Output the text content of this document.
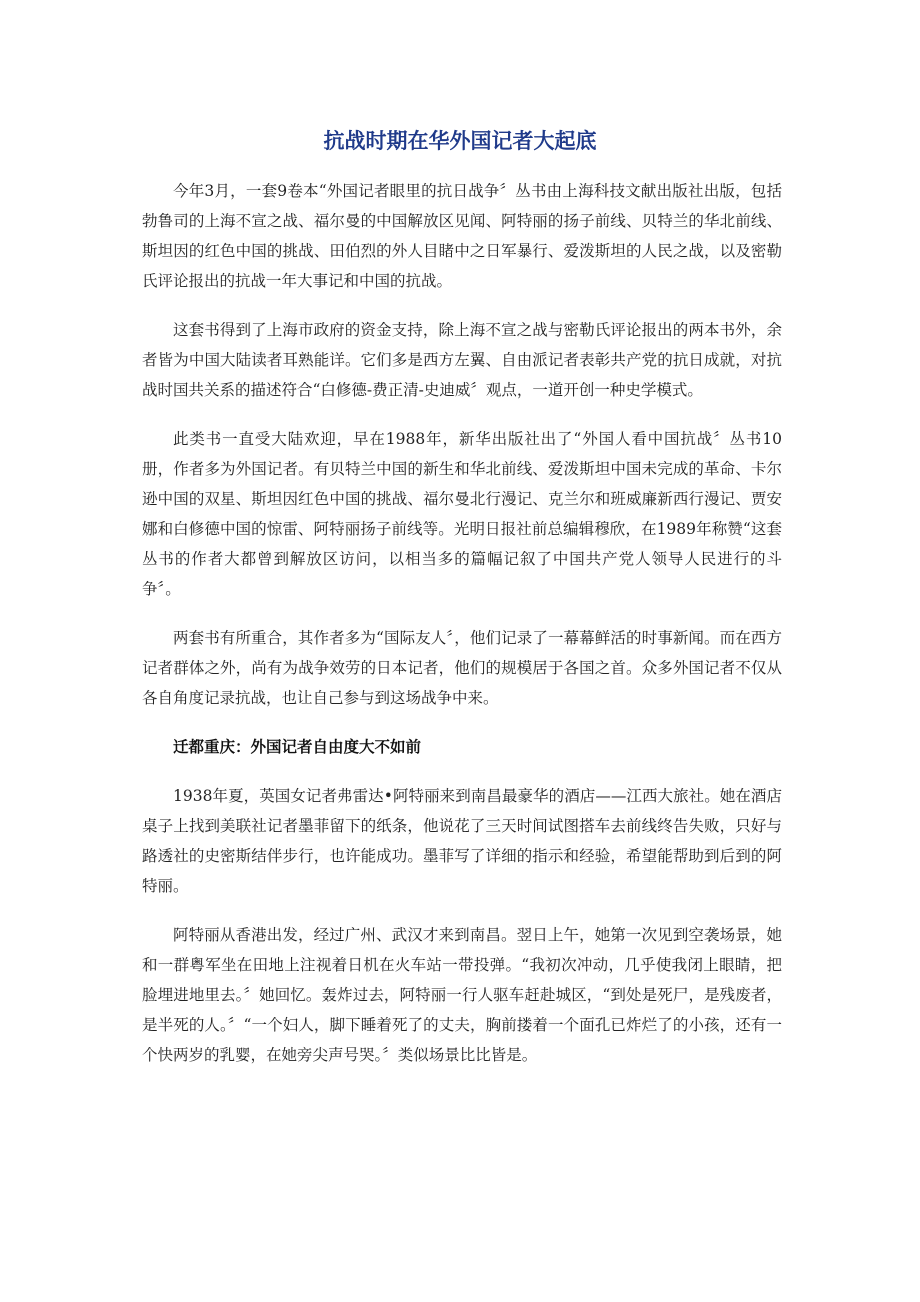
抗战时期在华外国记者大起底

今年3月，一套9卷本“外国记者眼里的抗日战争〞丛书由上海科技文献出版社出版，包括勃鲁司的上海不宣之战、福尔曼的中国解放区见闻、阿特丽的扬子前线、贝特兰的华北前线、斯坦因的红色中国的挑战、田伯烈的外人目睹中之日军暴行、爱泼斯坦的人民之战，以及密勒氏评论报出的抗战一年大事记和中国的抗战。

这套书得到了上海市政府的资金支持，除上海不宣之战与密勒氏评论报出的两本书外，余者皆为中国大陆读者耳熟能详。它们多是西方左翼、自由派记者表彰共产党的抗日成就，对抗战时国共关系的描述符合“白修德-费正清-史迪威〞观点，一道开创一种史学模式。

此类书一直受大陆欢迎，早在1988年，新华出版社出了“外国人看中国抗战〞丛书10册，作者多为外国记者。有贝特兰中国的新生和华北前线、爱泼斯坦中国未完成的革命、卡尔逊中国的双星、斯坦因红色中国的挑战、福尔曼北行漫记、克兰尔和班威廉新西行漫记、贾安娜和白修德中国的惊雷、阿特丽扬子前线等。光明日报社前总编辑穆欣，在1989年称赞“这套丛书的作者大都曾到解放区访问，以相当多的篇幅记叙了中国共产党人领导人民进行的斗争〞。

两套书有所重合，其作者多为“国际友人〞，他们记录了一幕幕鲜活的时事新闻。而在西方记者群体之外，尚有为战争效劳的日本记者，他们的规模居于各国之首。众多外国记者不仅从各自角度记录抗战，也让自己参与到这场战争中来。

迁都重庆：外国记者自由度大不如前

1938年夏，英国女记者弗雷达•阿特丽来到南昌最豪华的酒店——江西大旅社。她在酒店桌子上找到美联社记者墨菲留下的纸条，他说花了三天时间试图搭车去前线终告失败，只好与路透社的史密斯结伴步行，也许能成功。墨菲写了详细的指示和经验，希望能帮助到后到的阿特丽。

阿特丽从香港出发，经过广州、武汉才来到南昌。翌日上午，她第一次见到空袭场景，她和一群粤军坐在田地上注视着日机在火车站一带投弹。“我初次冲动，几乎使我闭上眼睛，把脸埋进地里去。〞她回忆。轰炸过去，阿特丽一行人驱车赶赴城区，“到处是死尸，是残废者，是半死的人。〞“一个妇人，脚下睡着死了的丈夫，胸前搂着一个面孔已炸烂了的小孩，还有一个快两岁的乳婴，在她旁尖声号哭。〞类似场景比比皆是。
